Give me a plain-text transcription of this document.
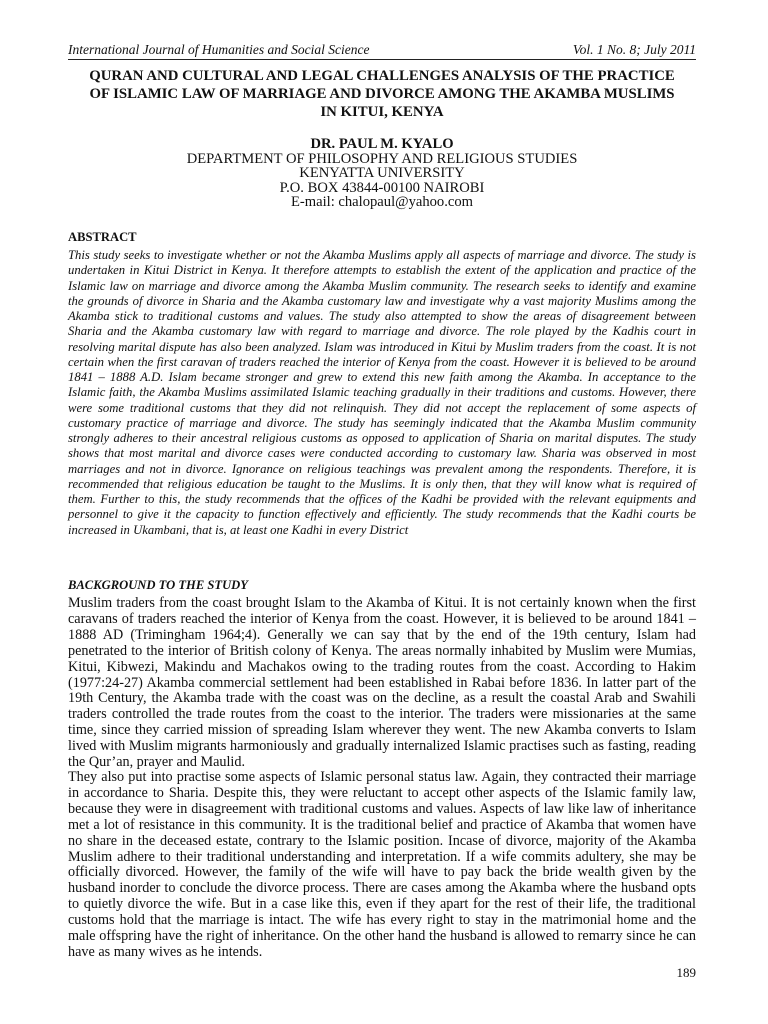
International Journal of Humanities and Social Science	Vol. 1 No. 8; July 2011
QURAN AND CULTURAL AND LEGAL CHALLENGES ANALYSIS OF THE PRACTICE
OF ISLAMIC LAW OF MARRIAGE AND DIVORCE AMONG THE AKAMBA MUSLIMS
IN KITUI, KENYA
DR. PAUL M. KYALO
DEPARTMENT OF PHILOSOPHY AND RELIGIOUS STUDIES
KENYATTA UNIVERSITY
P.O. BOX 43844-00100 NAIROBI
E-mail: chalopaul@yahoo.com
ABSTRACT

This study seeks to investigate whether or not the Akamba Muslims apply all aspects of marriage and divorce. The study is undertaken in Kitui District in Kenya. It therefore attempts to establish the extent of the application and practice of the Islamic law on marriage and divorce among the Akamba Muslim community. The research seeks to identify and examine the grounds of divorce in Sharia and the Akamba customary law and investigate why a vast majority Muslims among the Akamba stick to traditional customs and values. The study also attempted to show the areas of disagreement between Sharia and the Akamba customary law with regard to marriage and divorce. The role played by the Kadhis court in resolving marital dispute has also been analyzed. Islam was introduced in Kitui by Muslim traders from the coast. It is not certain when the first caravan of traders reached the interior of Kenya from the coast. However it is believed to be around 1841 – 1888 A.D. Islam became stronger and grew to extend this new faith among the Akamba. In acceptance to the Islamic faith, the Akamba Muslims assimilated Islamic teaching gradually in their traditions and customs. However, there were some traditional customs that they did not relinquish. They did not accept the replacement of some aspects of customary practice of marriage and divorce. The study has seemingly indicated that the Akamba Muslim community strongly adheres to their ancestral religious customs as opposed to application of Sharia on marital disputes. The study shows that most marital and divorce cases were conducted according to customary law. Sharia was observed in most marriages and not in divorce. Ignorance on religious teachings was prevalent among the respondents. Therefore, it is recommended that religious education be taught to the Muslims. It is only then, that they will know what is required of them. Further to this, the study recommends that the offices of the Kadhi be provided with the relevant equipments and personnel to give it the capacity to function effectively and efficiently. The study recommends that the Kadhi courts be increased in Ukambani, that is, at least one Kadhi in every District

BACKGROUND TO THE STUDY

Muslim traders from the coast brought Islam to the Akamba of Kitui. It is not certainly known when the first caravans of traders reached the interior of Kenya from the coast. However, it is believed to be around 1841 – 1888 AD (Trimingham 1964;4). Generally we can say that by the end of the 19th century, Islam had penetrated to the interior of British colony of Kenya. The areas normally inhabited by Muslim were Mumias, Kitui, Kibwezi, Makindu and Machakos owing to the trading routes from the coast. According to Hakim (1977:24-27) Akamba commercial settlement had been established in Rabai before 1836. In latter part of the 19th Century, the Akamba trade with the coast was on the decline, as a result the coastal Arab and Swahili traders controlled the trade routes from the coast to the interior. The traders were missionaries at the same time, since they carried mission of spreading Islam wherever they went. The new Akamba converts to Islam lived with Muslim migrants harmoniously and gradually internalized Islamic practises such as fasting, reading the Qur’an, prayer and Maulid.

They also put into practise some aspects of Islamic personal status law. Again, they contracted their marriage in accordance to Sharia. Despite this, they were reluctant to accept other aspects of the Islamic family law, because they were in disagreement with traditional customs and values. Aspects of law like law of inheritance met a lot of resistance in this community. It is the traditional belief and practice of Akamba that women have no share in the deceased estate, contrary to the Islamic position. Incase of divorce, majority of the Akamba Muslim adhere to their traditional understanding and interpretation. If a wife commits adultery, she may be officially divorced. However, the family of the wife will have to pay back the bride wealth given by the husband inorder to conclude the divorce process. There are cases among the Akamba where the husband opts to quietly divorce the wife. But in a case like this, even if they apart for the rest of their life, the traditional customs hold that the marriage is intact. The wife has every right to stay in the matrimonial home and the male offspring have the right of inheritance. On the other hand the husband is allowed to remarry since he can have as many wives as he intends.

189
